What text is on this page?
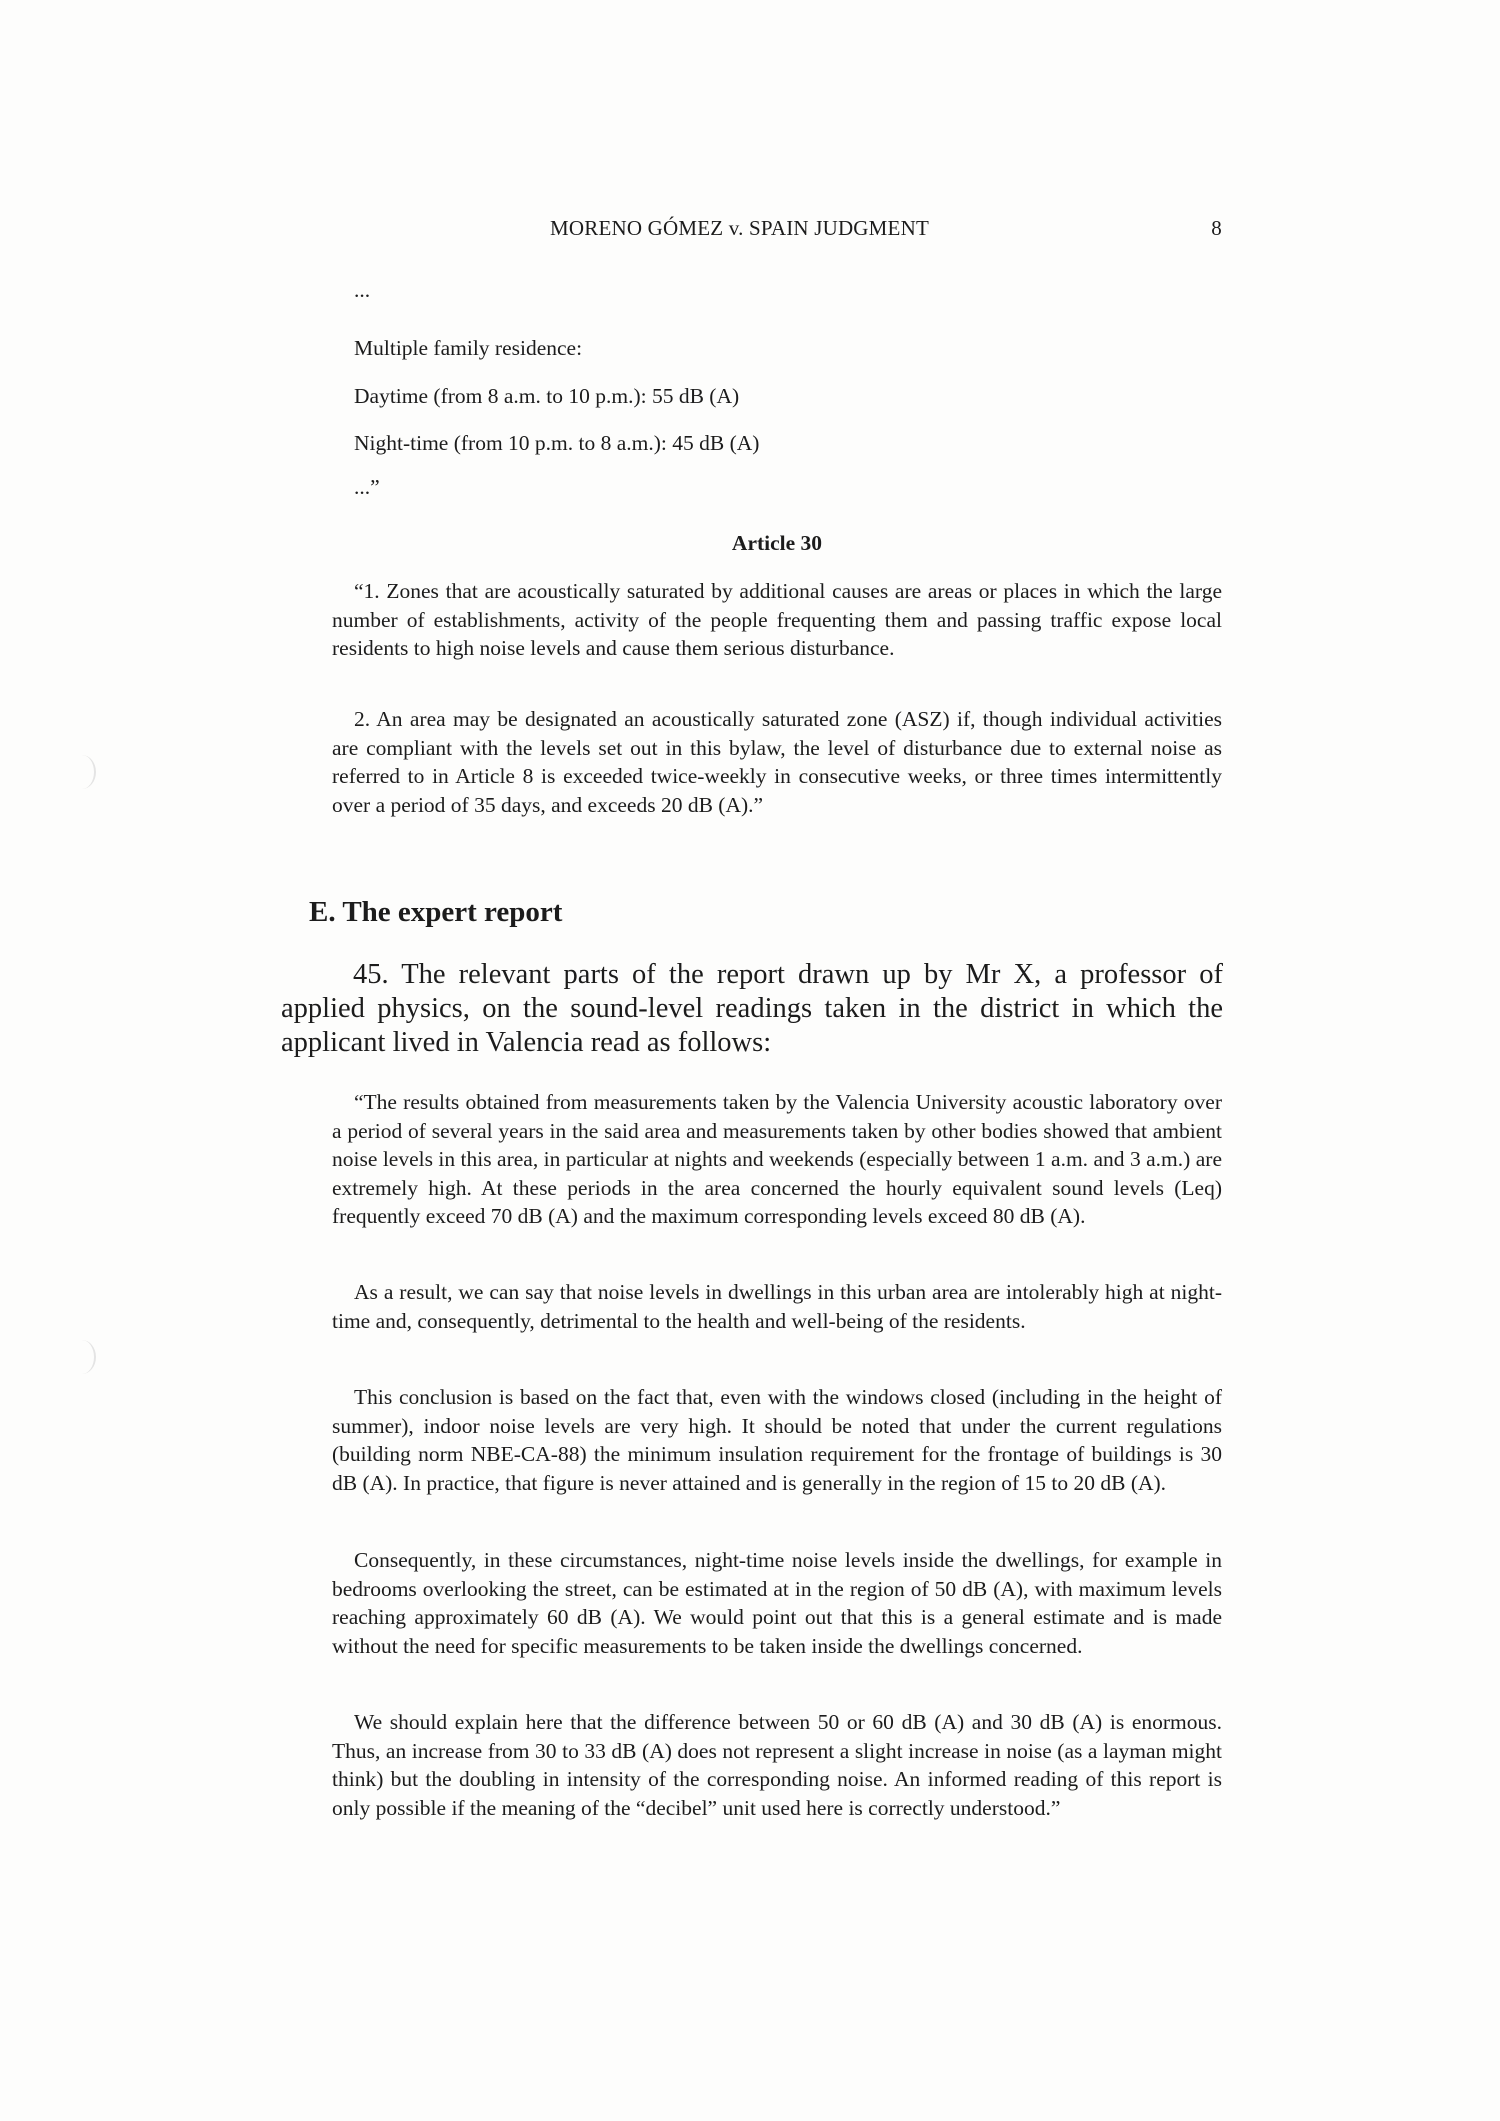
MORENO GÓMEZ v. SPAIN JUDGMENT	8
...
Multiple family residence:
Daytime (from 8 a.m. to 10 p.m.): 55 dB (A)
Night-time (from 10 p.m. to 8 a.m.): 45 dB (A)
...”
Article 30

“1. Zones that are acoustically saturated by additional causes are areas or places in which the large number of establishments, activity of the people frequenting them and passing traffic expose local residents to high noise levels and cause them serious disturbance.

2. An area may be designated an acoustically saturated zone (ASZ) if, though individual activities are compliant with the levels set out in this bylaw, the level of disturbance due to external noise as referred to in Article 8 is exceeded twice-weekly in consecutive weeks, or three times intermittently over a period of 35 days, and exceeds 20 dB (A).”

E. The expert report

45. The relevant parts of the report drawn up by Mr X, a professor of applied physics, on the sound-level readings taken in the district in which the applicant lived in Valencia read as follows:

“The results obtained from measurements taken by the Valencia University acoustic laboratory over a period of several years in the said area and measurements taken by other bodies showed that ambient noise levels in this area, in particular at nights and weekends (especially between 1 a.m. and 3 a.m.) are extremely high. At these periods in the area concerned the hourly equivalent sound levels (Leq) frequently exceed 70 dB (A) and the maximum corresponding levels exceed 80 dB (A).

As a result, we can say that noise levels in dwellings in this urban area are intolerably high at night-time and, consequently, detrimental to the health and well-being of the residents.

This conclusion is based on the fact that, even with the windows closed (including in the height of summer), indoor noise levels are very high. It should be noted that under the current regulations (building norm NBE-CA-88) the minimum insulation requirement for the frontage of buildings is 30 dB (A). In practice, that figure is never attained and is generally in the region of 15 to 20 dB (A).

Consequently, in these circumstances, night-time noise levels inside the dwellings, for example in bedrooms overlooking the street, can be estimated at in the region of 50 dB (A), with maximum levels reaching approximately 60 dB (A). We would point out that this is a general estimate and is made without the need for specific measurements to be taken inside the dwellings concerned.

We should explain here that the difference between 50 or 60 dB (A) and 30 dB (A) is enormous. Thus, an increase from 30 to 33 dB (A) does not represent a slight increase in noise (as a layman might think) but the doubling in intensity of the corresponding noise. An informed reading of this report is only possible if the meaning of the “decibel” unit used here is correctly understood.”
